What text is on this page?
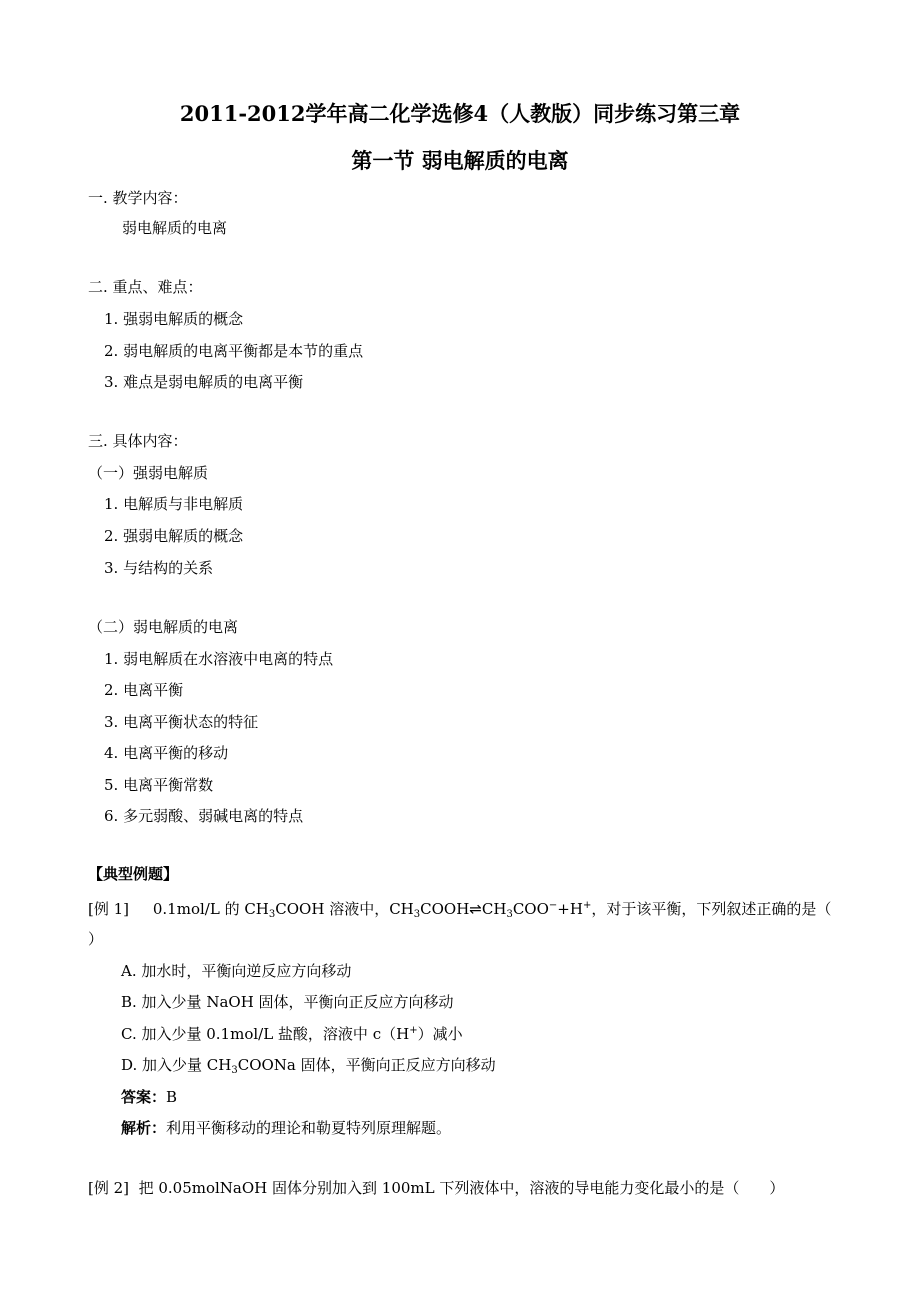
2011-2012学年高二化学选修4（人教版）同步练习第三章
第一节 弱电解质的电离
一. 教学内容：
弱电解质的电离
二. 重点、难点：
1. 强弱电解质的概念
2. 弱电解质的电离平衡都是本节的重点
3. 难点是弱电解质的电离平衡
三. 具体内容：
（一）强弱电解质
1. 电解质与非电解质
2. 强弱电解质的概念
3. 与结构的关系
（二）弱电解质的电离
1. 弱电解质在水溶液中电离的特点
2. 电离平衡
3. 电离平衡状态的特征
4. 电离平衡的移动
5. 电离平衡常数
6. 多元弱酸、弱碱电离的特点
【典型例题】
[例 1] 0.1mol/L 的 $CH_3COOH$ 溶液中，$CH_3COOH\rightleftharpoons CH_3COO^-+H^+$，对于该平衡，下列叙述正确的是（
）
A. 加水时，平衡向逆反应方向移动
B. 加入少量 NaOH 固体，平衡向正反应方向移动
C. 加入少量 0.1mol/L 盐酸，溶液中 c（H+）减小
D. 加入少量 $CH_3COONa$ 固体，平衡向正反应方向移动
答案：B
解析：利用平衡移动的理论和勒夏特列原理解题。
[例 2] 把 0.05molNaOH 固体分别加入到 100mL 下列液体中，溶液的导电能力变化最小的是（　　）
